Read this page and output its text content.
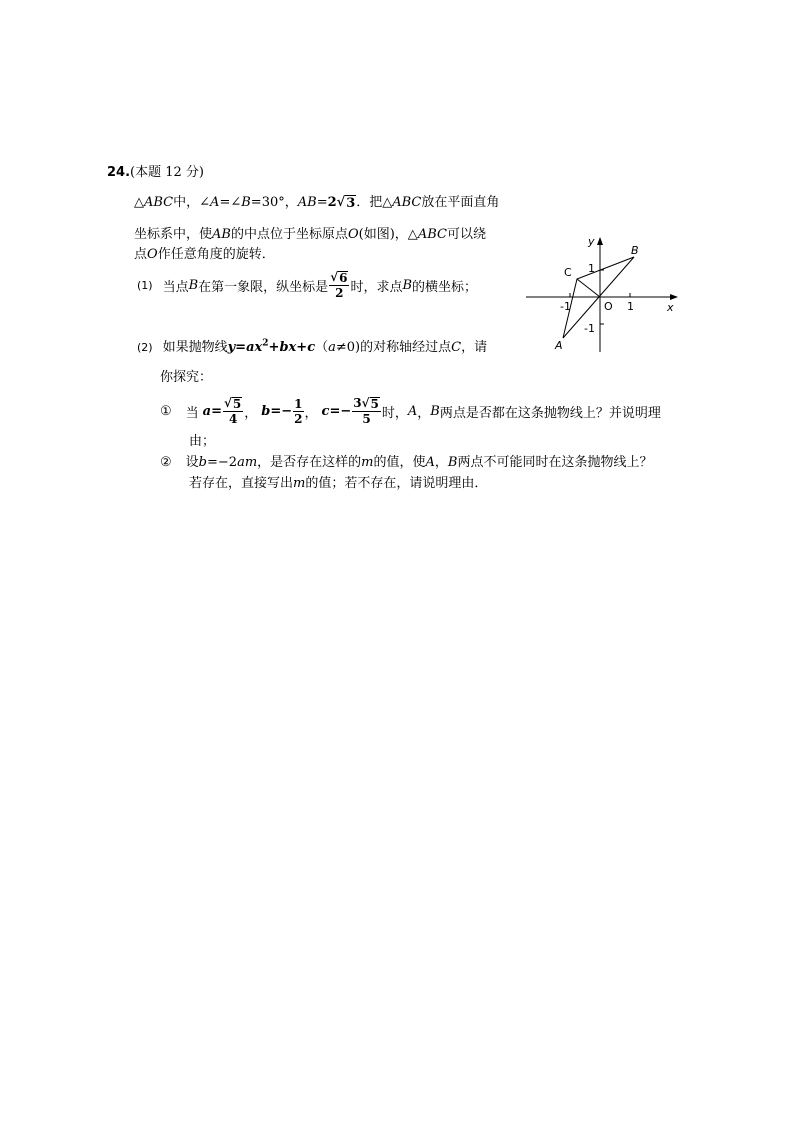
24.(本题 12 分)
△ABC中，∠A=∠B=30°，AB=2 √ 3 ．把△ABC放在平面直角
坐标系中，使AB的中点位于坐标原点O(如图)，△ABC可以绕
点O作任意角度的旋转．
(1) 当点 B 在第一象限，纵坐标是 $\frac{√ 6}{2}$ 时，求点 B 的横坐标；
(2) 如果抛物线$y=ax^2+bx+c(a\ne 0)$的对称轴经过点C，请
你探究：
① 当 $a = \frac{√ 5}{4}$ ， $b =- \frac{1}{2}$ ， $c =- \frac{3 √ 5}{5}$ 时， A ， B 两点是否都在这条抛物线上？并说明理
由；
② 设b=−2am，是否存在这样的m的值，使A，B两点不可能同时在这条抛物线上？
若存在，直接写出m的值；若不存在，请说明理由．
y
x
B
C
A
O
1
1
-1
-1
